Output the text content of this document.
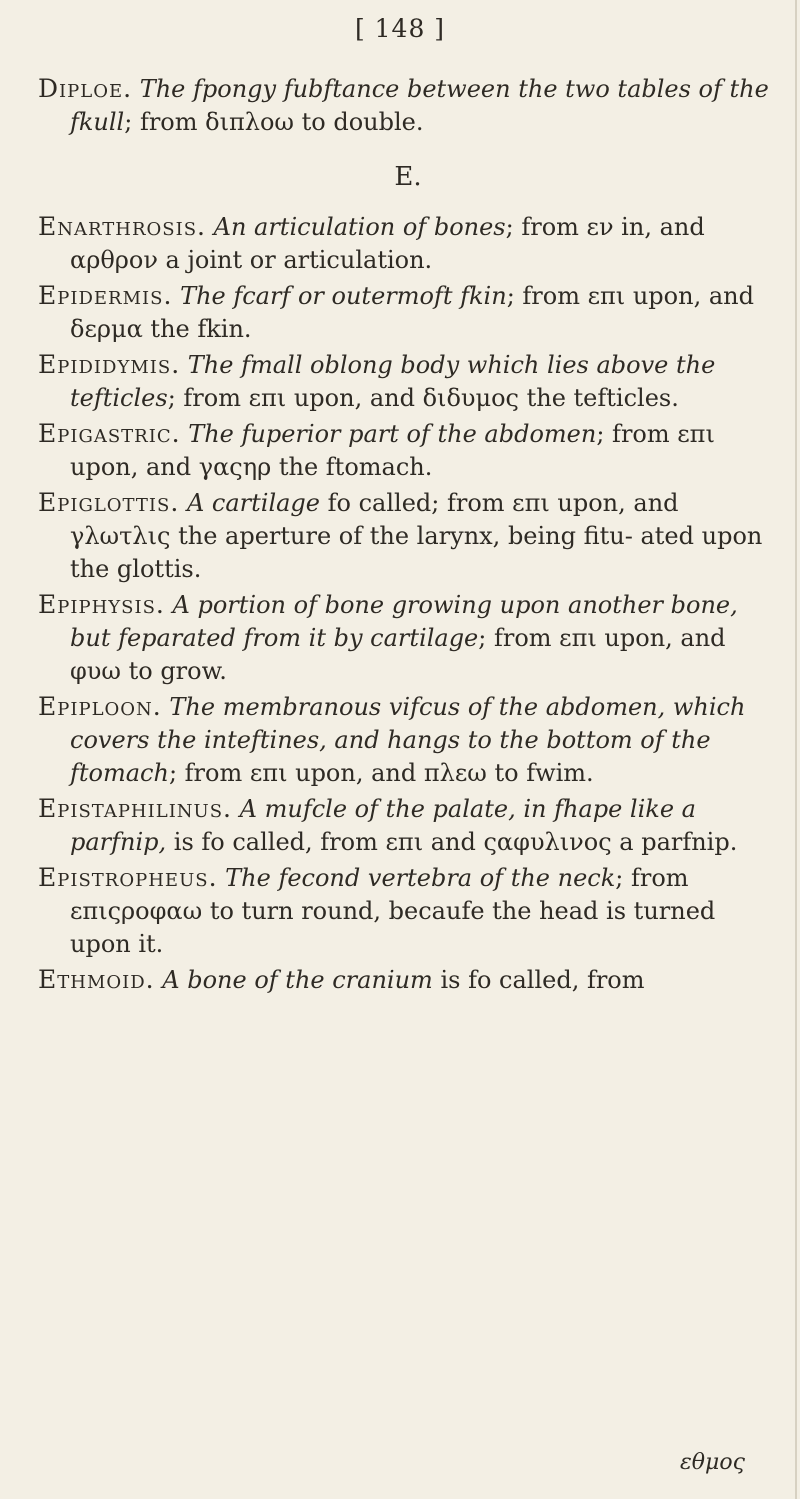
[ 148 ]

Diploe. The fpongy fubftance between the two tables of the fkull; from διπλοω to double.

E.

Enarthrosis. An articulation of bones; from εν in, and αρθρον a joint or articulation.

Epidermis. The fcarf or outermoft fkin; from επι upon, and δερμα the fkin.

Epididymis. The fmall oblong body which lies above the tefticles; from επι upon, and διδυμος the tefticles.

Epigastric. The fuperior part of the abdomen; from επι upon, and γαςηρ the ftomach.

Epiglottis. A cartilage fo called; from επι upon, and γλωτλις the aperture of the larynx, being fitu- ated upon the glottis.

Epiphysis. A portion of bone growing upon another bone, but feparated from it by cartilage; from επι upon, and φυω to grow.

Epiploon. The membranous vifcus of the abdomen, which covers the inteftines, and hangs to the bottom of the ftomach; from επι upon, and πλεω to fwim.

Epistaphilinus. A mufcle of the palate, in fhape like a parfnip, is fo called, from επι and ςαφυλινος a parfnip.

Epistropheus. The fecond vertebra of the neck; from επιςροφαω to turn round, becaufe the head is turned upon it.

Ethmoid. A bone of the cranium is fo called, from

εθμος
